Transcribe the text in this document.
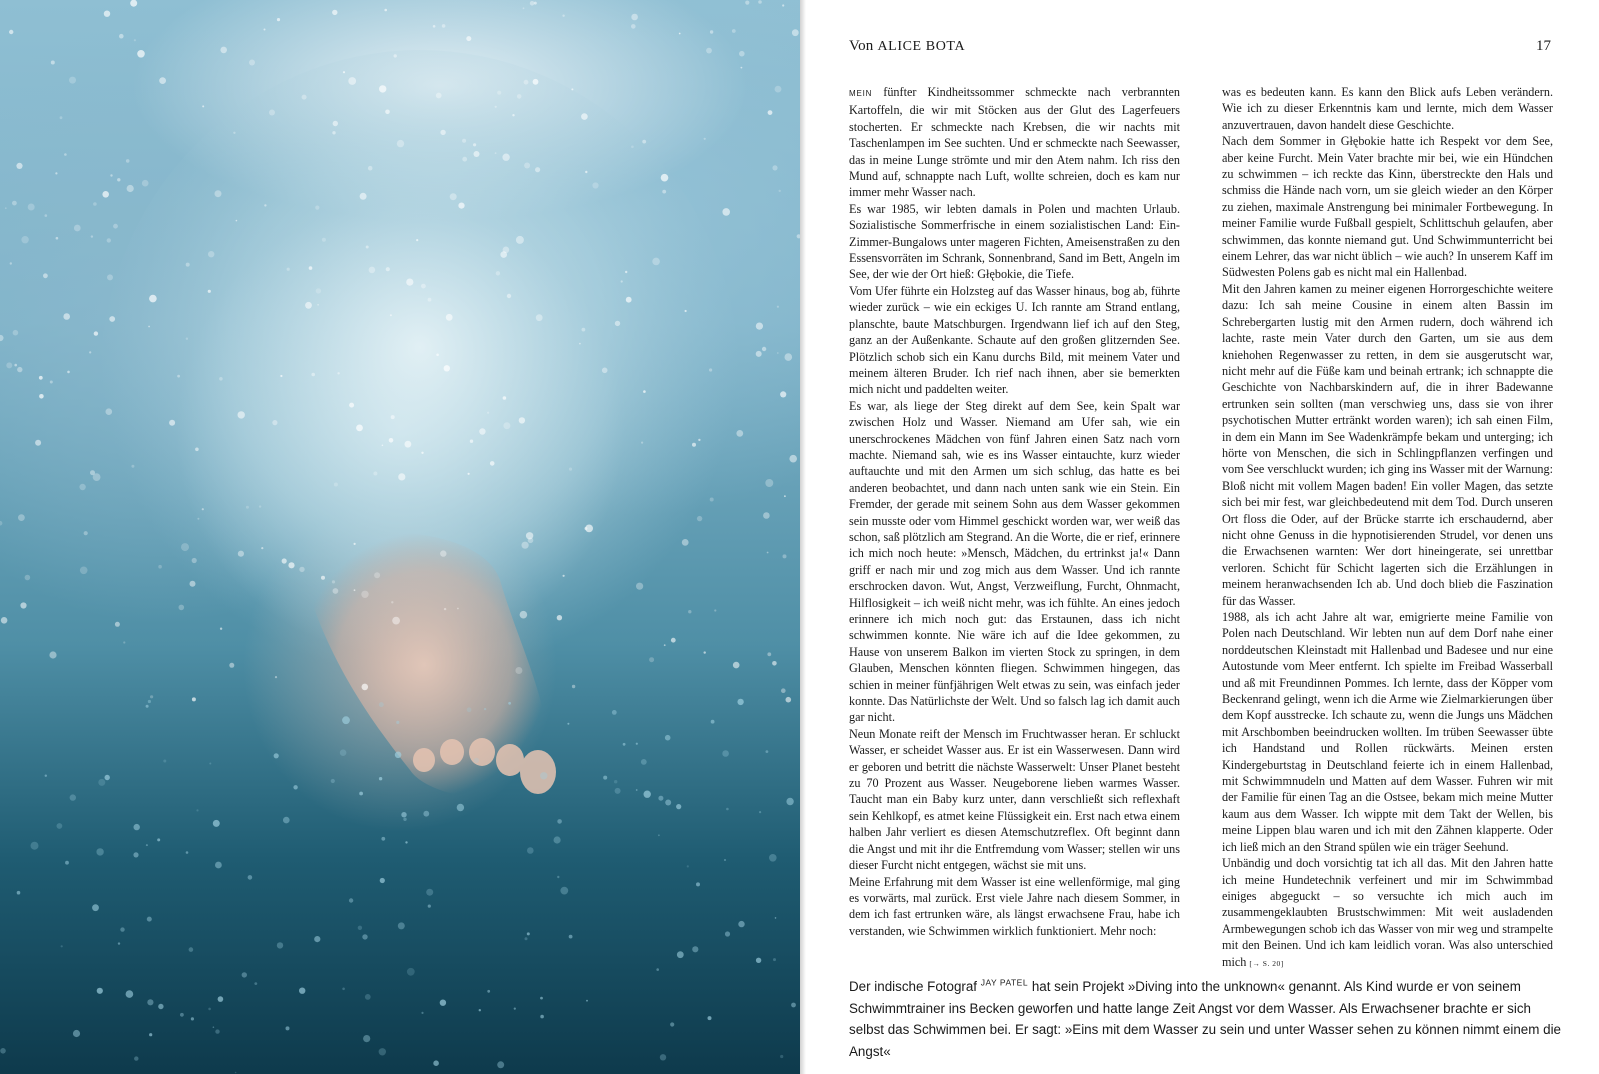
Von ALICE BOTA	17

MEIN fünfter Kindheitssommer schmeckte nach verbrannten Kartoffeln, die wir mit Stöcken aus der Glut des Lagerfeuers stocherten. Er schmeckte nach Krebsen, die wir nachts mit Taschenlampen im See suchten. Und er schmeckte nach Seewasser, das in meine Lunge strömte und mir den Atem nahm. Ich riss den Mund auf, schnappte nach Luft, wollte schreien, doch es kam nur immer mehr Wasser nach.

Es war 1985, wir lebten damals in Polen und machten Urlaub. Sozialistische Sommerfrische in einem sozialistischen Land: Ein-Zimmer-Bungalows unter mageren Fichten, Ameisenstraßen zu den Essensvorräten im Schrank, Sonnenbrand, Sand im Bett, Angeln im See, der wie der Ort hieß: Głębokie, die Tiefe.

Vom Ufer führte ein Holzsteg auf das Wasser hinaus, bog ab, führte wieder zurück – wie ein eckiges U. Ich rannte am Strand entlang, planschte, baute Matschburgen. Irgendwann lief ich auf den Steg, ganz an der Außenkante. Schaute auf den großen glitzernden See. Plötzlich schob sich ein Kanu durchs Bild, mit meinem Vater und meinem älteren Bruder. Ich rief nach ihnen, aber sie bemerkten mich nicht und paddelten weiter.

Es war, als liege der Steg direkt auf dem See, kein Spalt war zwischen Holz und Wasser. Niemand am Ufer sah, wie ein unerschrockenes Mädchen von fünf Jahren einen Satz nach vorn machte. Niemand sah, wie es ins Wasser eintauchte, kurz wieder auftauchte und mit den Armen um sich schlug, das hatte es bei anderen beobachtet, und dann nach unten sank wie ein Stein. Ein Fremder, der gerade mit seinem Sohn aus dem Wasser gekommen sein musste oder vom Himmel geschickt worden war, wer weiß das schon, saß plötzlich am Stegrand. An die Worte, die er rief, erinnere ich mich noch heute: »Mensch, Mädchen, du ertrinkst ja!« Dann griff er nach mir und zog mich aus dem Wasser. Und ich rannte erschrocken davon. Wut, Angst, Verzweiflung, Furcht, Ohnmacht, Hilflosigkeit – ich weiß nicht mehr, was ich fühlte. An eines jedoch erinnere ich mich noch gut: das Erstaunen, dass ich nicht schwimmen konnte. Nie wäre ich auf die Idee gekommen, zu Hause von unserem Balkon im vierten Stock zu springen, in dem Glauben, Menschen könnten fliegen. Schwimmen hingegen, das schien in meiner fünfjährigen Welt etwas zu sein, was einfach jeder konnte. Das Natürlichste der Welt. Und so falsch lag ich damit auch gar nicht.

Neun Monate reift der Mensch im Fruchtwasser heran. Er schluckt Wasser, er scheidet Wasser aus. Er ist ein Wasserwesen. Dann wird er geboren und betritt die nächste Wasserwelt: Unser Planet besteht zu 70 Prozent aus Wasser. Neugeborene lieben warmes Wasser. Taucht man ein Baby kurz unter, dann verschließt sich reflexhaft sein Kehlkopf, es atmet keine Flüssigkeit ein. Erst nach etwa einem halben Jahr verliert es diesen Atemschutzreflex. Oft beginnt dann die Angst und mit ihr die Entfremdung vom Wasser; stellen wir uns dieser Furcht nicht entgegen, wächst sie mit uns.

Meine Erfahrung mit dem Wasser ist eine wellenförmige, mal ging es vorwärts, mal zurück. Erst viele Jahre nach diesem Sommer, in dem ich fast ertrunken wäre, als längst erwachsene Frau, habe ich verstanden, wie Schwimmen wirklich funktioniert. Mehr noch:

was es bedeuten kann. Es kann den Blick aufs Leben verändern. Wie ich zu dieser Erkenntnis kam und lernte, mich dem Wasser anzuvertrauen, davon handelt diese Geschichte.

Nach dem Sommer in Głębokie hatte ich Respekt vor dem See, aber keine Furcht. Mein Vater brachte mir bei, wie ein Hündchen zu schwimmen – ich reckte das Kinn, überstreckte den Hals und schmiss die Hände nach vorn, um sie gleich wieder an den Körper zu ziehen, maximale Anstrengung bei minimaler Fortbewegung. In meiner Familie wurde Fußball gespielt, Schlittschuh gelaufen, aber schwimmen, das konnte niemand gut. Und Schwimmunterricht bei einem Lehrer, das war nicht üblich – wie auch? In unserem Kaff im Südwesten Polens gab es nicht mal ein Hallenbad.

Mit den Jahren kamen zu meiner eigenen Horrorgeschichte weitere dazu: Ich sah meine Cousine in einem alten Bassin im Schrebergarten lustig mit den Armen rudern, doch während ich lachte, raste mein Vater durch den Garten, um sie aus dem kniehohen Regenwasser zu retten, in dem sie ausgerutscht war, nicht mehr auf die Füße kam und beinah ertrank; ich schnappte die Geschichte von Nachbarskindern auf, die in ihrer Badewanne ertrunken sein sollten (man verschwieg uns, dass sie von ihrer psychotischen Mutter ertränkt worden waren); ich sah einen Film, in dem ein Mann im See Wadenkrämpfe bekam und unterging; ich hörte von Menschen, die sich in Schlingpflanzen verfingen und vom See verschluckt wurden; ich ging ins Wasser mit der Warnung: Bloß nicht mit vollem Magen baden! Ein voller Magen, das setzte sich bei mir fest, war gleichbedeutend mit dem Tod. Durch unseren Ort floss die Oder, auf der Brücke starrte ich erschaudernd, aber nicht ohne Genuss in die hypnotisierenden Strudel, vor denen uns die Erwachsenen warnten: Wer dort hineingerate, sei unrettbar verloren. Schicht für Schicht lagerten sich die Erzählungen in meinem heranwachsenden Ich ab. Und doch blieb die Faszination für das Wasser.

1988, als ich acht Jahre alt war, emigrierte meine Familie von Polen nach Deutschland. Wir lebten nun auf dem Dorf nahe einer norddeutschen Kleinstadt mit Hallenbad und Badesee und nur eine Autostunde vom Meer entfernt. Ich spielte im Freibad Wasserball und aß mit Freundinnen Pommes. Ich lernte, dass der Köpper vom Beckenrand gelingt, wenn ich die Arme wie Zielmarkierungen über dem Kopf ausstrecke. Ich schaute zu, wenn die Jungs uns Mädchen mit Arschbomben beeindrucken wollten. Im trüben Seewasser übte ich Handstand und Rollen rückwärts. Meinen ersten Kindergeburtstag in Deutschland feierte ich in einem Hallenbad, mit Schwimmnudeln und Matten auf dem Wasser. Fuhren wir mit der Familie für einen Tag an die Ostsee, bekam mich meine Mutter kaum aus dem Wasser. Ich wippte mit dem Takt der Wellen, bis meine Lippen blau waren und ich mit den Zähnen klapperte. Oder ich ließ mich an den Strand spülen wie ein träger Seehund.

Unbändig und doch vorsichtig tat ich all das. Mit den Jahren hatte ich meine Hundetechnik verfeinert und mir im Schwimmbad einiges abgeguckt – so versuchte ich mich auch im zusammengeklaubten Brustschwimmen: Mit weit ausladenden Armbewegungen schob ich das Wasser von mir weg und strampelte mit den Beinen. Und ich kam leidlich voran. Was also unterschied mich [→ S. 20]

Der indische Fotograf $^{JAY PATEL}$ hat sein Projekt »Diving into the unknown« genannt. Als Kind wurde er von seinem Schwimmtrainer ins Becken geworfen und hatte lange Zeit Angst vor dem Wasser. Als Erwachsener brachte er sich selbst das Schwimmen bei. Er sagt: »Eins mit dem Wasser zu sein und unter Wasser sehen zu können nimmt einem die Angst«
